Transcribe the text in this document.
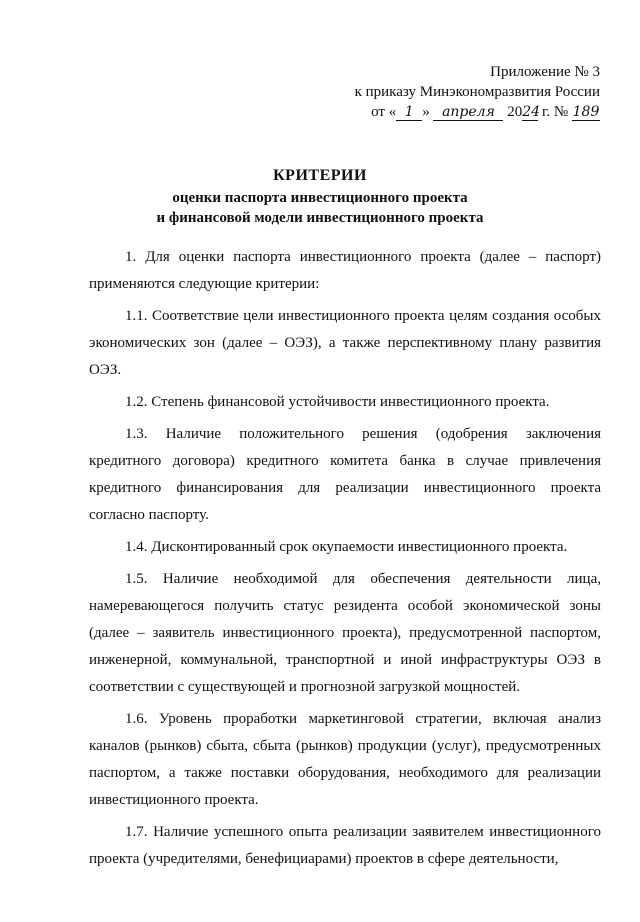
Приложение № 3
к приказу Минэкономразвития России
от « 1 » апреля 2024 г. № 189
КРИТЕРИИ
оценки паспорта инвестиционного проекта
и финансовой модели инвестиционного проекта

1. Для оценки паспорта инвестиционного проекта (далее – паспорт) применяются следующие критерии:

1.1. Соответствие цели инвестиционного проекта целям создания особых экономических зон (далее – ОЭЗ), а также перспективному плану развития ОЭЗ.

1.2. Степень финансовой устойчивости инвестиционного проекта.

1.3. Наличие положительного решения (одобрения заключения кредитного договора) кредитного комитета банка в случае привлечения кредитного финансирования для реализации инвестиционного проекта согласно паспорту.

1.4. Дисконтированный срок окупаемости инвестиционного проекта.

1.5. Наличие необходимой для обеспечения деятельности лица, намеревающегося получить статус резидента особой экономической зоны (далее – заявитель инвестиционного проекта), предусмотренной паспортом, инженерной, коммунальной, транспортной и иной инфраструктуры ОЭЗ в соответствии с существующей и прогнозной загрузкой мощностей.

1.6. Уровень проработки маркетинговой стратегии, включая анализ каналов (рынков) сбыта, сбыта (рынков) продукции (услуг), предусмотренных паспортом, а также поставки оборудования, необходимого для реализации инвестиционного проекта.

1.7. Наличие успешного опыта реализации заявителем инвестиционного проекта (учредителями, бенефициарами) проектов в сфере деятельности,
